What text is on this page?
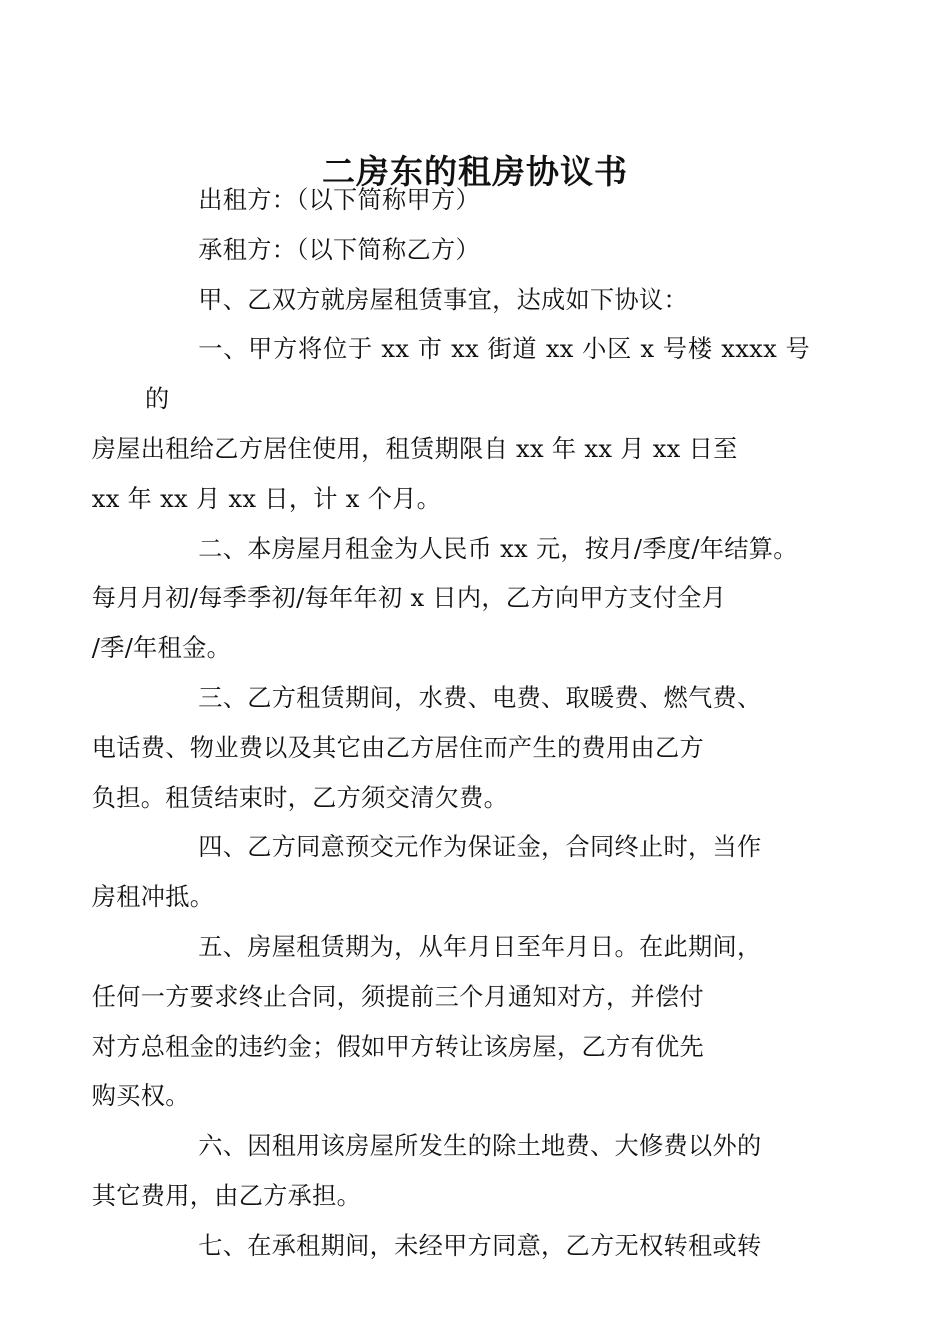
二房东的租房协议书

出租方：（以下简称甲方）

承租方：（以下简称乙方）

甲、乙双方就房屋租赁事宜，达成如下协议：

一、甲方将位于 xx 市 xx 街道 xx 小区 x 号楼 xxxx 号的
房屋出租给乙方居住使用，租赁期限自 xx 年 xx 月 xx 日至
xx 年 xx 月 xx 日，计 x 个月。

二、本房屋月租金为人民币 xx 元，按月/季度/年结算。
每月月初/每季季初/每年年初 x 日内，乙方向甲方支付全月
/季/年租金。

三、乙方租赁期间，水费、电费、取暖费、燃气费、
电话费、物业费以及其它由乙方居住而产生的费用由乙方
负担。租赁结束时，乙方须交清欠费。

四、乙方同意预交元作为保证金，合同终止时，当作
房租冲抵。

五、房屋租赁期为，从年月日至年月日。在此期间，
任何一方要求终止合同，须提前三个月通知对方，并偿付
对方总租金的违约金；假如甲方转让该房屋，乙方有优先
购买权。

六、因租用该房屋所发生的除土地费、大修费以外的
其它费用，由乙方承担。

七、在承租期间，未经甲方同意，乙方无权转租或转
